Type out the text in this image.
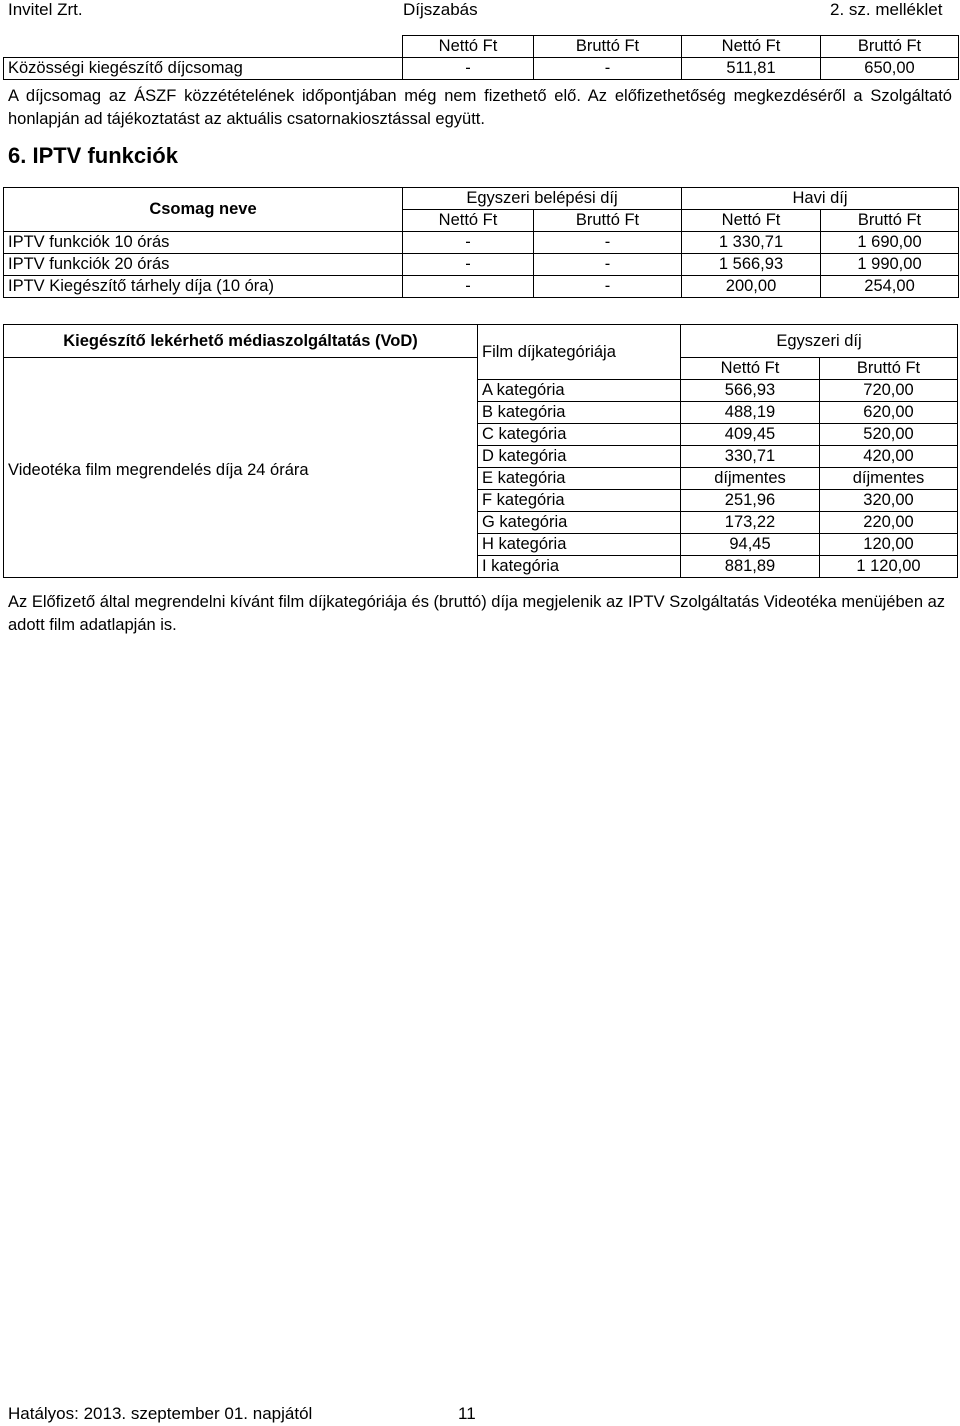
Invitel Zrt.	Díjszabás	2. sz. melléklet
	Nettó Ft	Bruttó Ft	Nettó Ft	Bruttó Ft
Közösségi kiegészítő díjcsomag	-	-	511,81	650,00
A díjcsomag az ÁSZF közzétételének időpontjában még nem fizethető elő. Az előfizethetőség megkezdéséről a Szolgáltató honlapján ad tájékoztatást az aktuális csatornakiosztással együtt.
6. IPTV funkciók
Csomag neve	Egyszeri belépési díj		Havi díj	
	Nettó Ft	Bruttó Ft	Nettó Ft	Bruttó Ft
IPTV funkciók 10 órás	-	-	1 330,71	1 690,00
IPTV funkciók 20 órás	-	-	1 566,93	1 990,00
IPTV Kiegészítő tárhely díja (10 óra)	-	-	200,00	254,00
Kiegészítő lekérhető médiaszolgáltatás (VoD)	Film díjkategóriája	Egyszeri díj	
Videotéka film megrendelés díja 24 órára		Nettó Ft	Bruttó Ft
	A kategória	566,93	720,00
	B kategória	488,19	620,00
	C kategória	409,45	520,00
	D kategória	330,71	420,00
	E kategória	díjmentes	díjmentes
	F kategória	251,96	320,00
	G kategória	173,22	220,00
	H kategória	94,45	120,00
	I kategória	881,89	1 120,00
Az Előfizető által megrendelni kívánt film díjkategóriája és (bruttó) díja megjelenik az IPTV Szolgáltatás Videotéka menüjében az adott film adatlapján is.
Hatályos: 2013. szeptember 01. napjától	11
